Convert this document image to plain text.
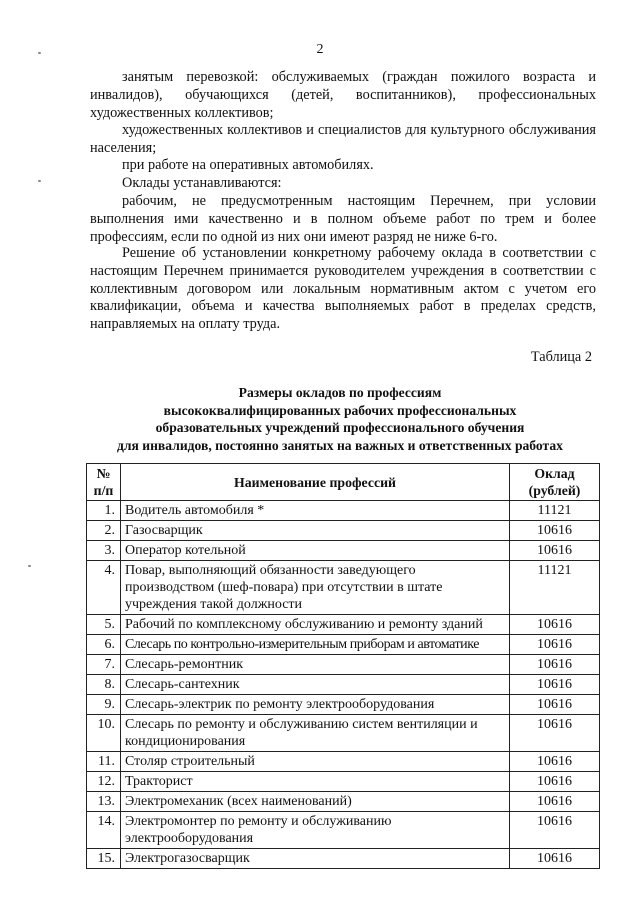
2

занятым перевозкой: обслуживаемых (граждан пожилого возраста и инвалидов), обучающихся (детей, воспитанников), профессиональных художественных коллективов;

художественных коллективов и специалистов для культурного обслуживания населения;

при работе на оперативных автомобилях.

Оклады устанавливаются:

рабочим, не предусмотренным настоящим Перечнем, при условии выполнения ими качественно и в полном объеме работ по трем и более профессиям, если по одной из них они имеют разряд не ниже 6-го.

Решение об установлении конкретному рабочему оклада в соответствии с настоящим Перечнем принимается руководителем учреждения в соответствии с коллективным договором или локальным нормативным актом с учетом его квалификации, объема и качества выполняемых работ в пределах средств, направляемых на оплату труда.

Таблица 2
Размеры окладов по профессиям
высококвалифицированных рабочих профессиональных
образовательных учреждений профессионального обучения
для инвалидов, постоянно занятых на важных и ответственных работах
№ п/п	Наименование профессий	Оклад (рублей)
1.	Водитель автомобиля *	11121
2.	Газосварщик	10616
3.	Оператор котельной	10616
4.	Повар, выполняющий обязанности заведующего производством (шеф-повара) при отсутствии в штате учреждения такой должности	11121
5.	Рабочий по комплексному обслуживанию и ремонту зданий	10616
6.	Слесарь по контрольно-измерительным приборам и автоматике	10616
7.	Слесарь-ремонтник	10616
8.	Слесарь-сантехник	10616
9.	Слесарь-электрик по ремонту электрооборудования	10616
10.	Слесарь по ремонту и обслуживанию систем вентиляции и кондиционирования	10616
11.	Столяр строительный	10616
12.	Тракторист	10616
13.	Электромеханик (всех наименований)	10616
14.	Электромонтер по ремонту и обслуживанию электрооборудования	10616
15.	Электрогазосварщик	10616
